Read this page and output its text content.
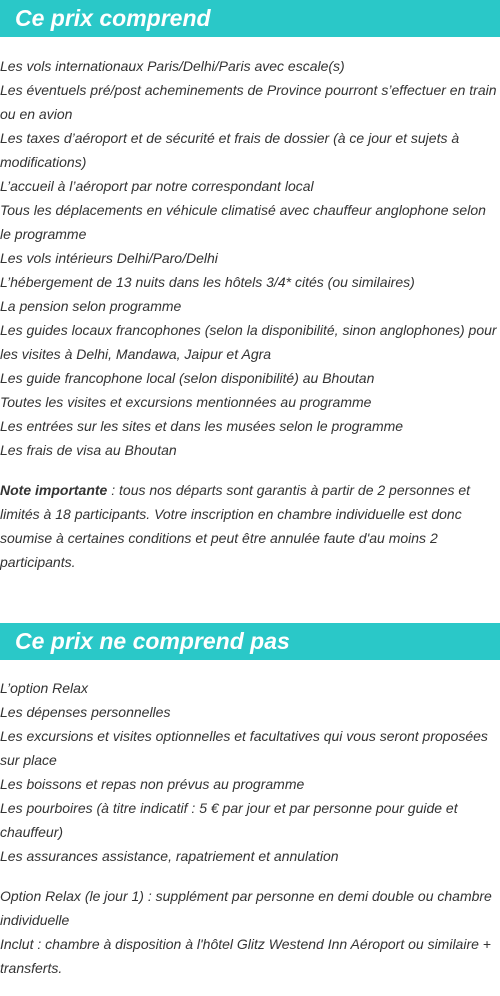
Ce prix comprend

Les vols internationaux Paris/Delhi/Paris avec escale(s)

Les éventuels pré/post acheminements de Province pourront s’effectuer en train ou en avion

Les taxes d’aéroport et de sécurité et frais de dossier (à ce jour et sujets à modifications)

L’accueil à l’aéroport par notre correspondant local

Tous les déplacements en véhicule climatisé avec chauffeur anglophone selon le programme

Les vols intérieurs Delhi/Paro/Delhi

L’hébergement de 13 nuits dans les hôtels 3/4* cités (ou similaires)

La pension selon programme

Les guides locaux francophones (selon la disponibilité, sinon anglophones) pour les visites à Delhi, Mandawa, Jaipur et Agra

Les guide francophone local (selon disponibilité) au Bhoutan

Toutes les visites et excursions mentionnées au programme

Les entrées sur les sites et dans les musées selon le programme

Les frais de visa au Bhoutan

Note importante : tous nos départs sont garantis à partir de 2 personnes et limités à 18 participants. Votre inscription en chambre individuelle est donc soumise à certaines conditions et peut être annulée faute d'au moins 2 participants.

Ce prix ne comprend pas

L’option Relax

Les dépenses personnelles

Les excursions et visites optionnelles et facultatives qui vous seront proposées sur place

Les boissons et repas non prévus au programme

Les pourboires (à titre indicatif : 5 € par jour et par personne pour guide et chauffeur)

Les assurances assistance, rapatriement et annulation

Option Relax (le jour 1) : supplément par personne en demi double ou chambre individuelle

Inclut : chambre à disposition à l'hôtel Glitz Westend Inn Aéroport ou similaire + transferts.
